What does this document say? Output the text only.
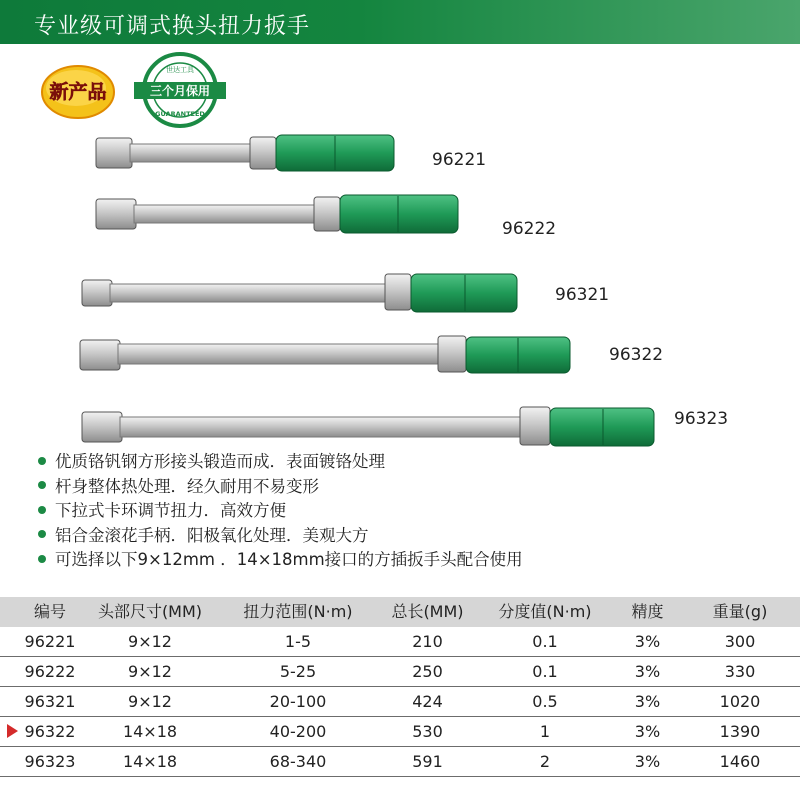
专业级可调式换头扭力扳手
新产品
世达工具
三个月保用
GUARANTEED
96221
96222
96321
96322
96323
优质铬钒钢方形接头锻造而成．表面镀铬处理
杆身整体热处理．经久耐用不易变形
下拉式卡环调节扭力．高效方便
铝合金滚花手柄．阳极氧化处理．美观大方
可选择以下9×12mm ．14×18mm接口的方插扳手头配合使用
编号	头部尺寸(MM)	扭力范围(N·m)	总长(MM)	分度值(N·m)	精度	重量(g)
96221	9×12	1-5	210	0.1	3%	300
96222	9×12	5-25	250	0.1	3%	330
96321	9×12	20-100	424	0.5	3%	1020
96322	14×18	40-200	530	1	3%	1390
96323	14×18	68-340	591	2	3%	1460
